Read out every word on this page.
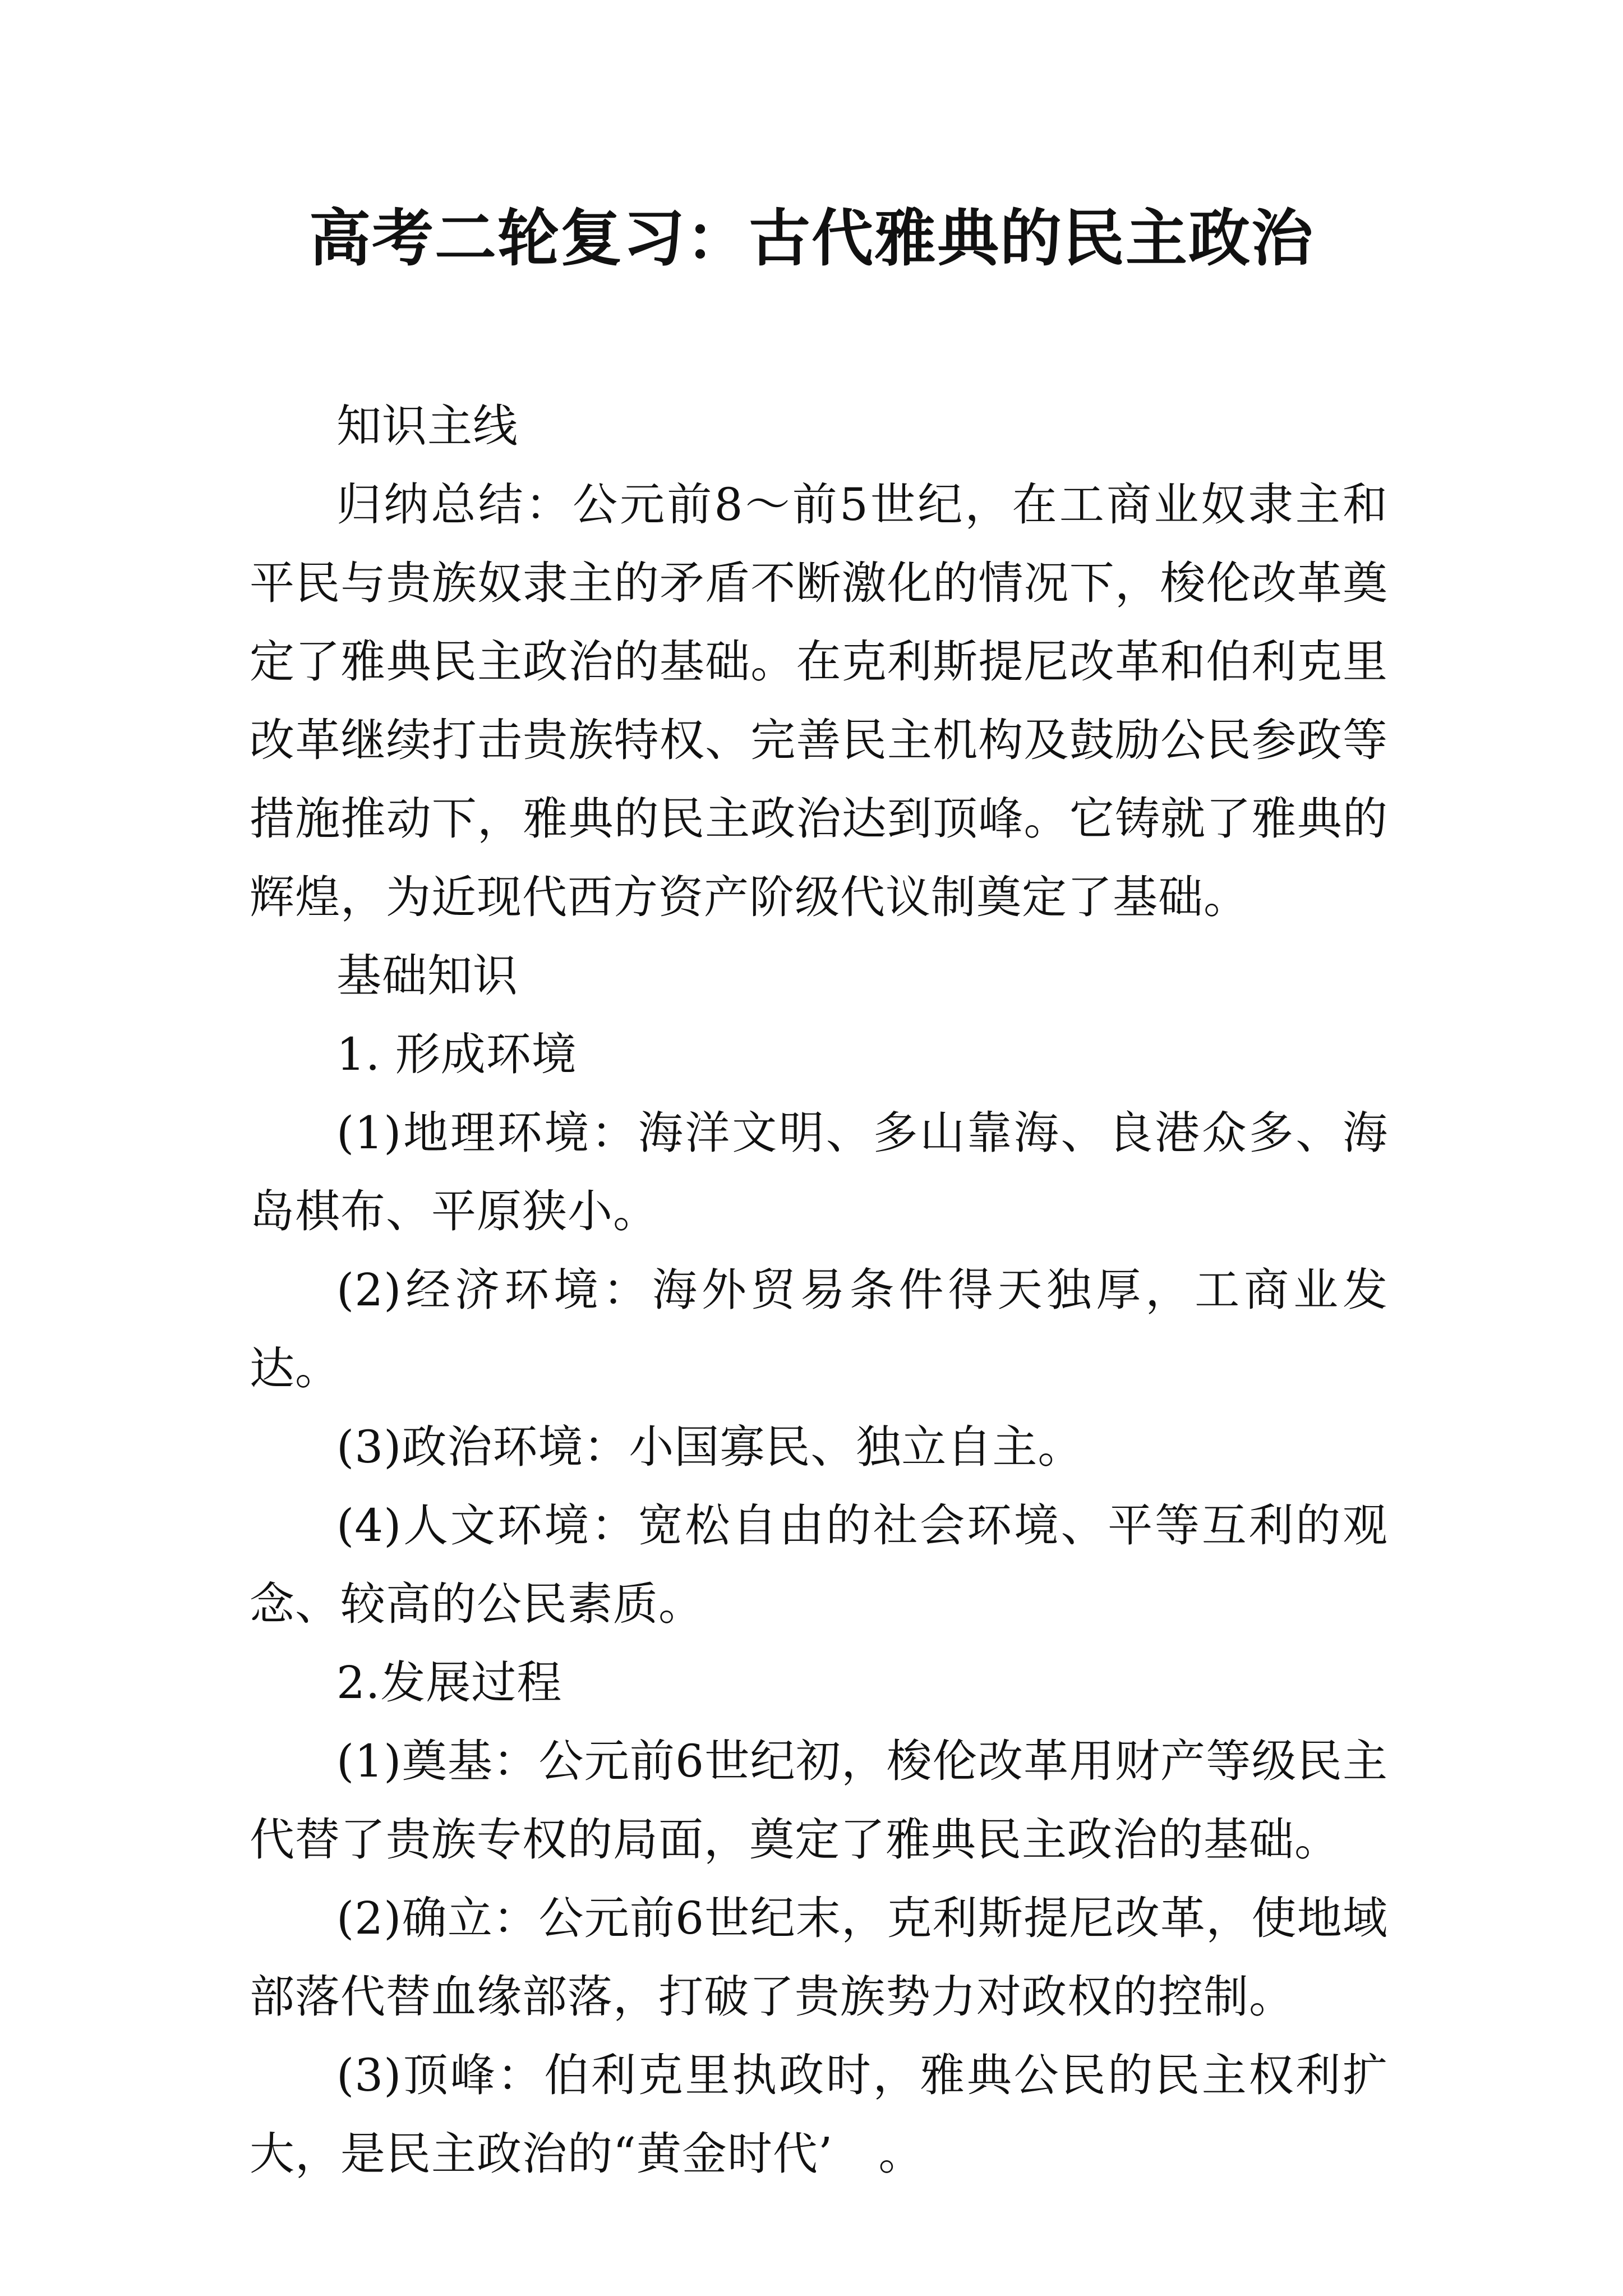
高考二轮复习：古代雅典的民主政治

知识主线

归纳总结：公元前8～前5世纪，在工商业奴隶主和平民与贵族奴隶主的矛盾不断激化的情况下，梭伦改革奠定了雅典民主政治的基础。在克利斯提尼改革和伯利克里改革继续打击贵族特权、完善民主机构及鼓励公民参政等措施推动下，雅典的民主政治达到顶峰。它铸就了雅典的辉煌，为近现代西方资产阶级代议制奠定了基础。

基础知识

1. 形成环境

(1)地理环境：海洋文明、多山靠海、良港众多、海岛棋布、平原狭小。

(2)经济环境：海外贸易条件得天独厚，工商业发达。

(3)政治环境：小国寡民、独立自主。

(4)人文环境：宽松自由的社会环境、平等互利的观念、较高的公民素质。

2.发展过程

(1)奠基：公元前6世纪初，梭伦改革用财产等级民主代替了贵族专权的局面，奠定了雅典民主政治的基础。

(2)确立：公元前6世纪末，克利斯提尼改革，使地域部落代替血缘部落，打破了贵族势力对政权的控制。

(3)顶峰：伯利克里执政时，雅典公民的民主权利扩大，是民主政治的“黄金时代’　。
